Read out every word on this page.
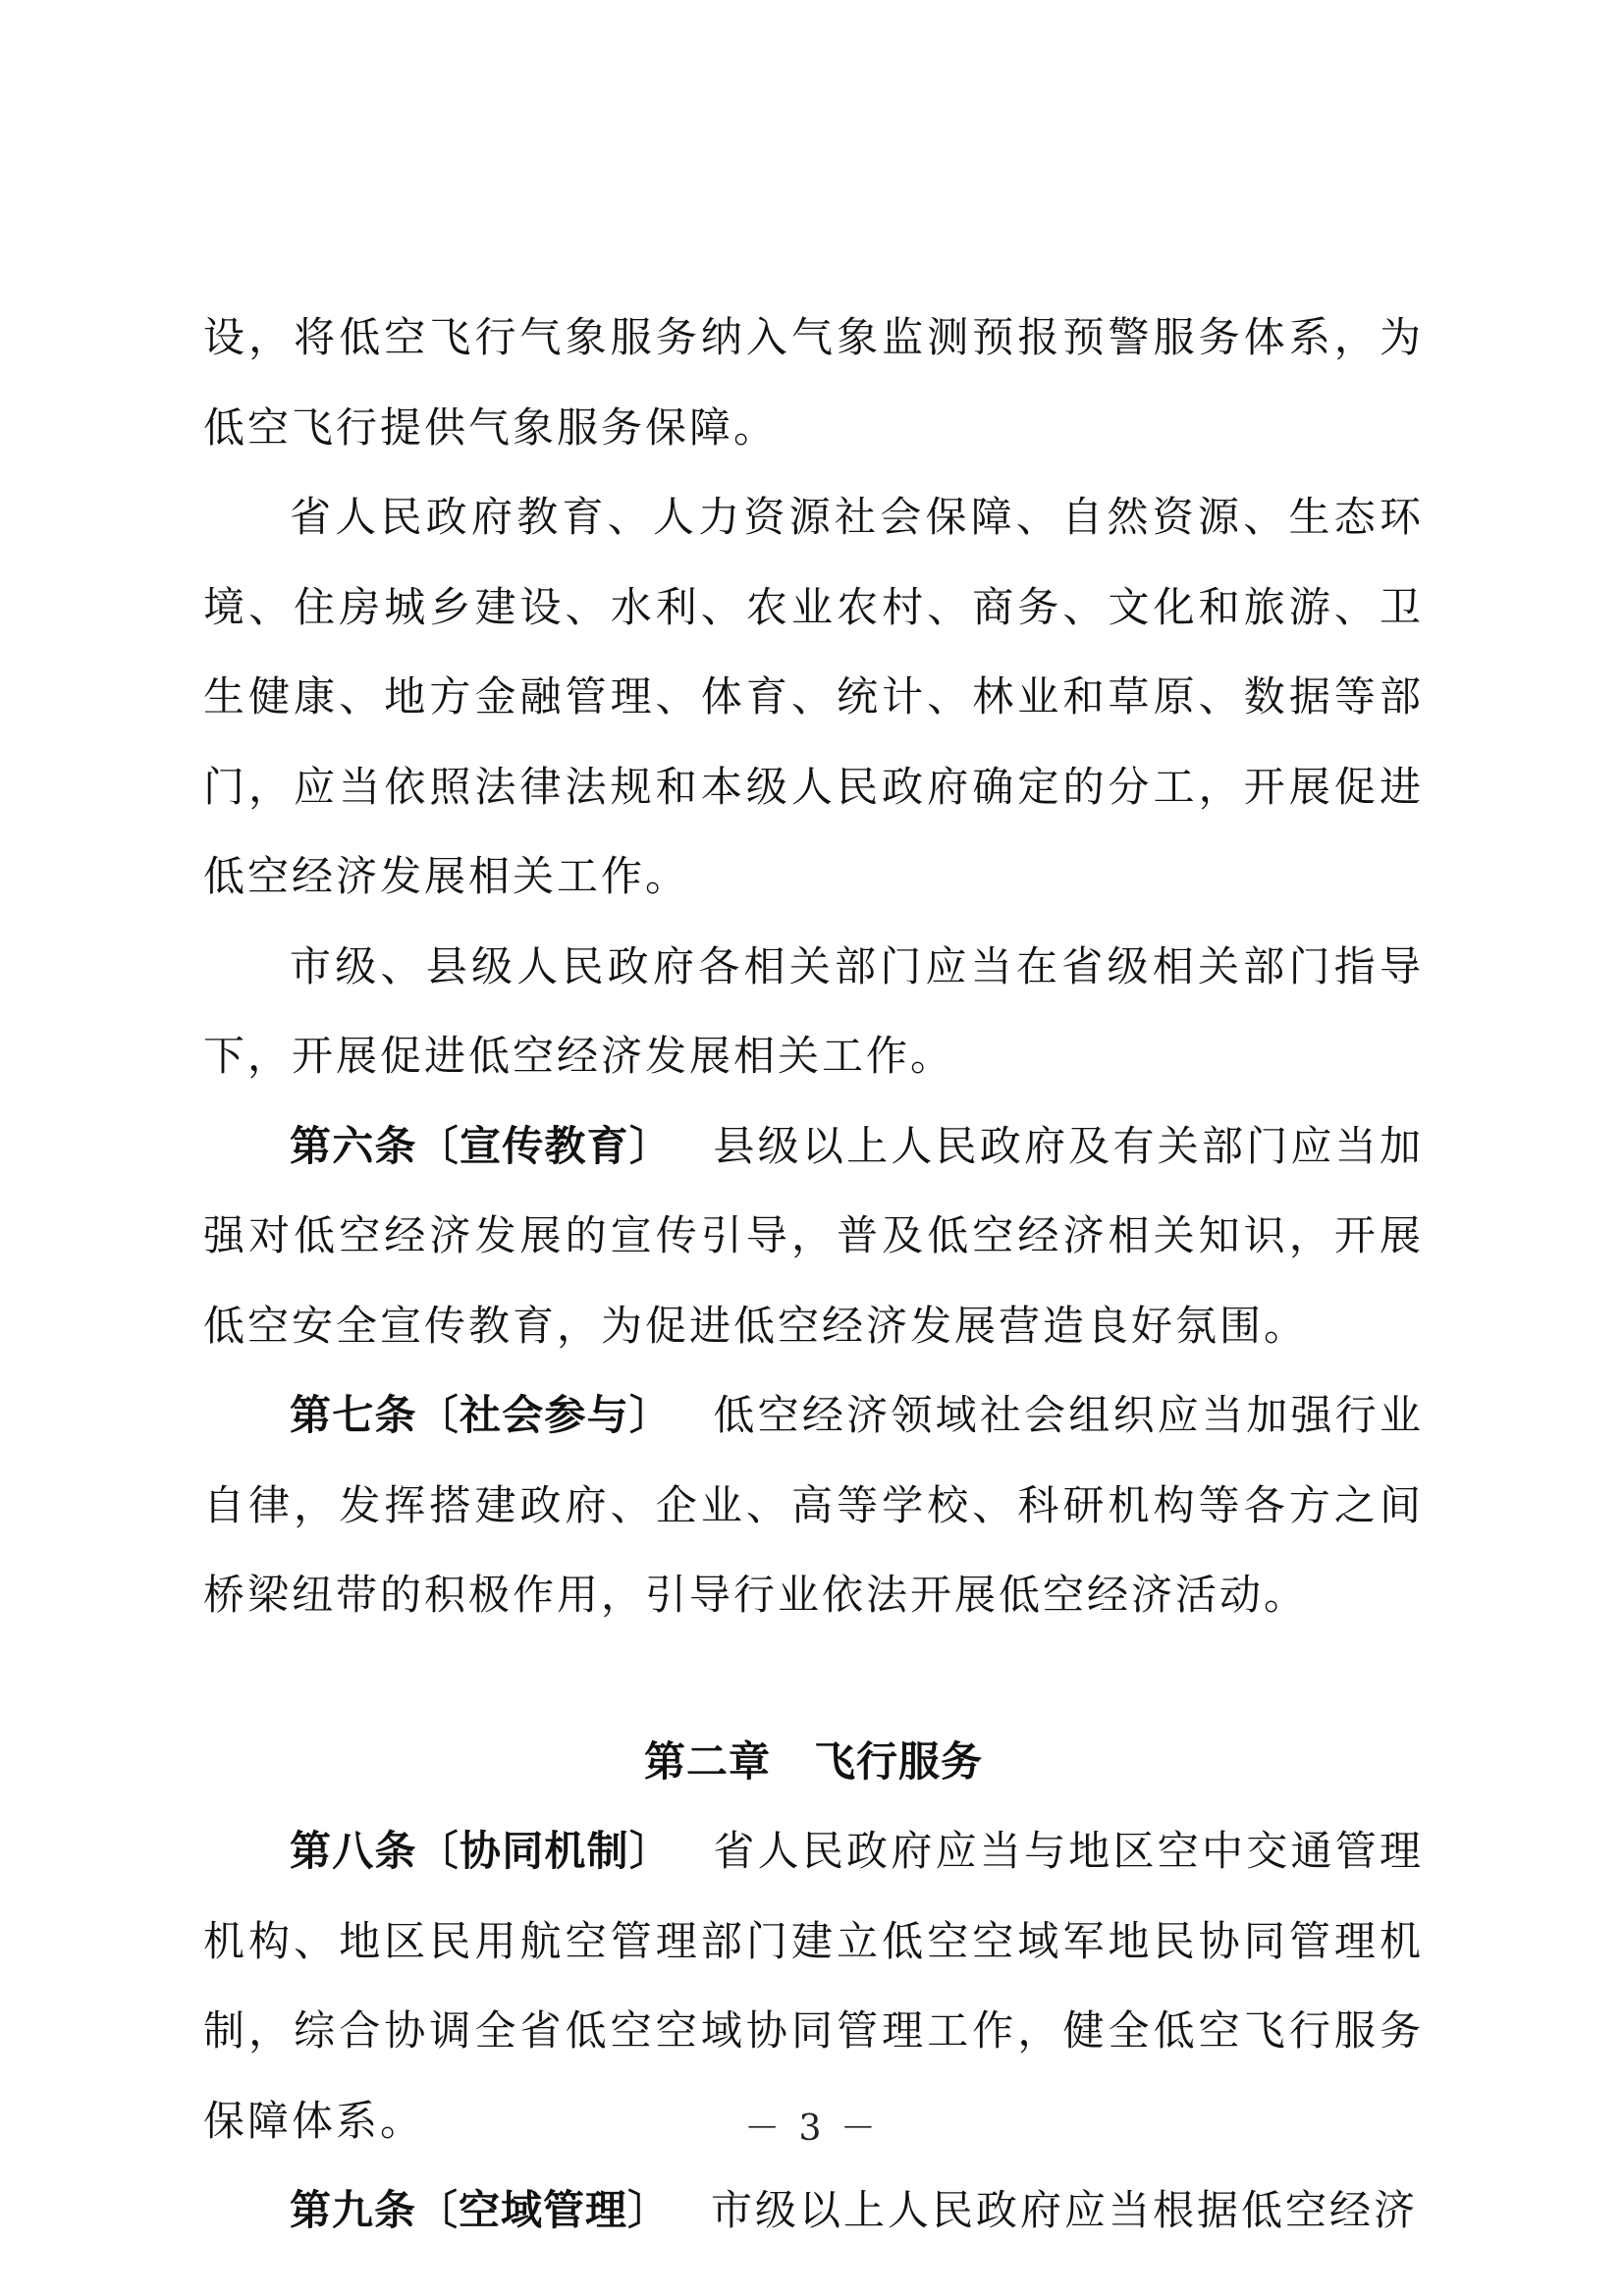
设，将低空飞行气象服务纳入气象监测预报预警服务体系，为低空飞行提供气象服务保障。

省人民政府教育、人力资源社会保障、自然资源、生态环境、住房城乡建设、水利、农业农村、商务、文化和旅游、卫生健康、地方金融管理、体育、统计、林业和草原、数据等部门，应当依照法律法规和本级人民政府确定的分工，开展促进低空经济发展相关工作。

市级、县级人民政府各相关部门应当在省级相关部门指导下，开展促进低空经济发展相关工作。

第六条〔宣传教育〕 县级以上人民政府及有关部门应当加强对低空经济发展的宣传引导，普及低空经济相关知识，开展低空安全宣传教育，为促进低空经济发展营造良好氛围。

第七条〔社会参与〕 低空经济领域社会组织应当加强行业自律，发挥搭建政府、企业、高等学校、科研机构等各方之间桥梁纽带的积极作用，引导行业依法开展低空经济活动。

第二章 飞行服务

第八条〔协同机制〕 省人民政府应当与地区空中交通管理机构、地区民用航空管理部门建立低空空域军地民协同管理机制，综合协调全省低空空域协同管理工作，健全低空飞行服务保障体系。

第九条〔空域管理〕 市级以上人民政府应当根据低空经济

－ 3 －
